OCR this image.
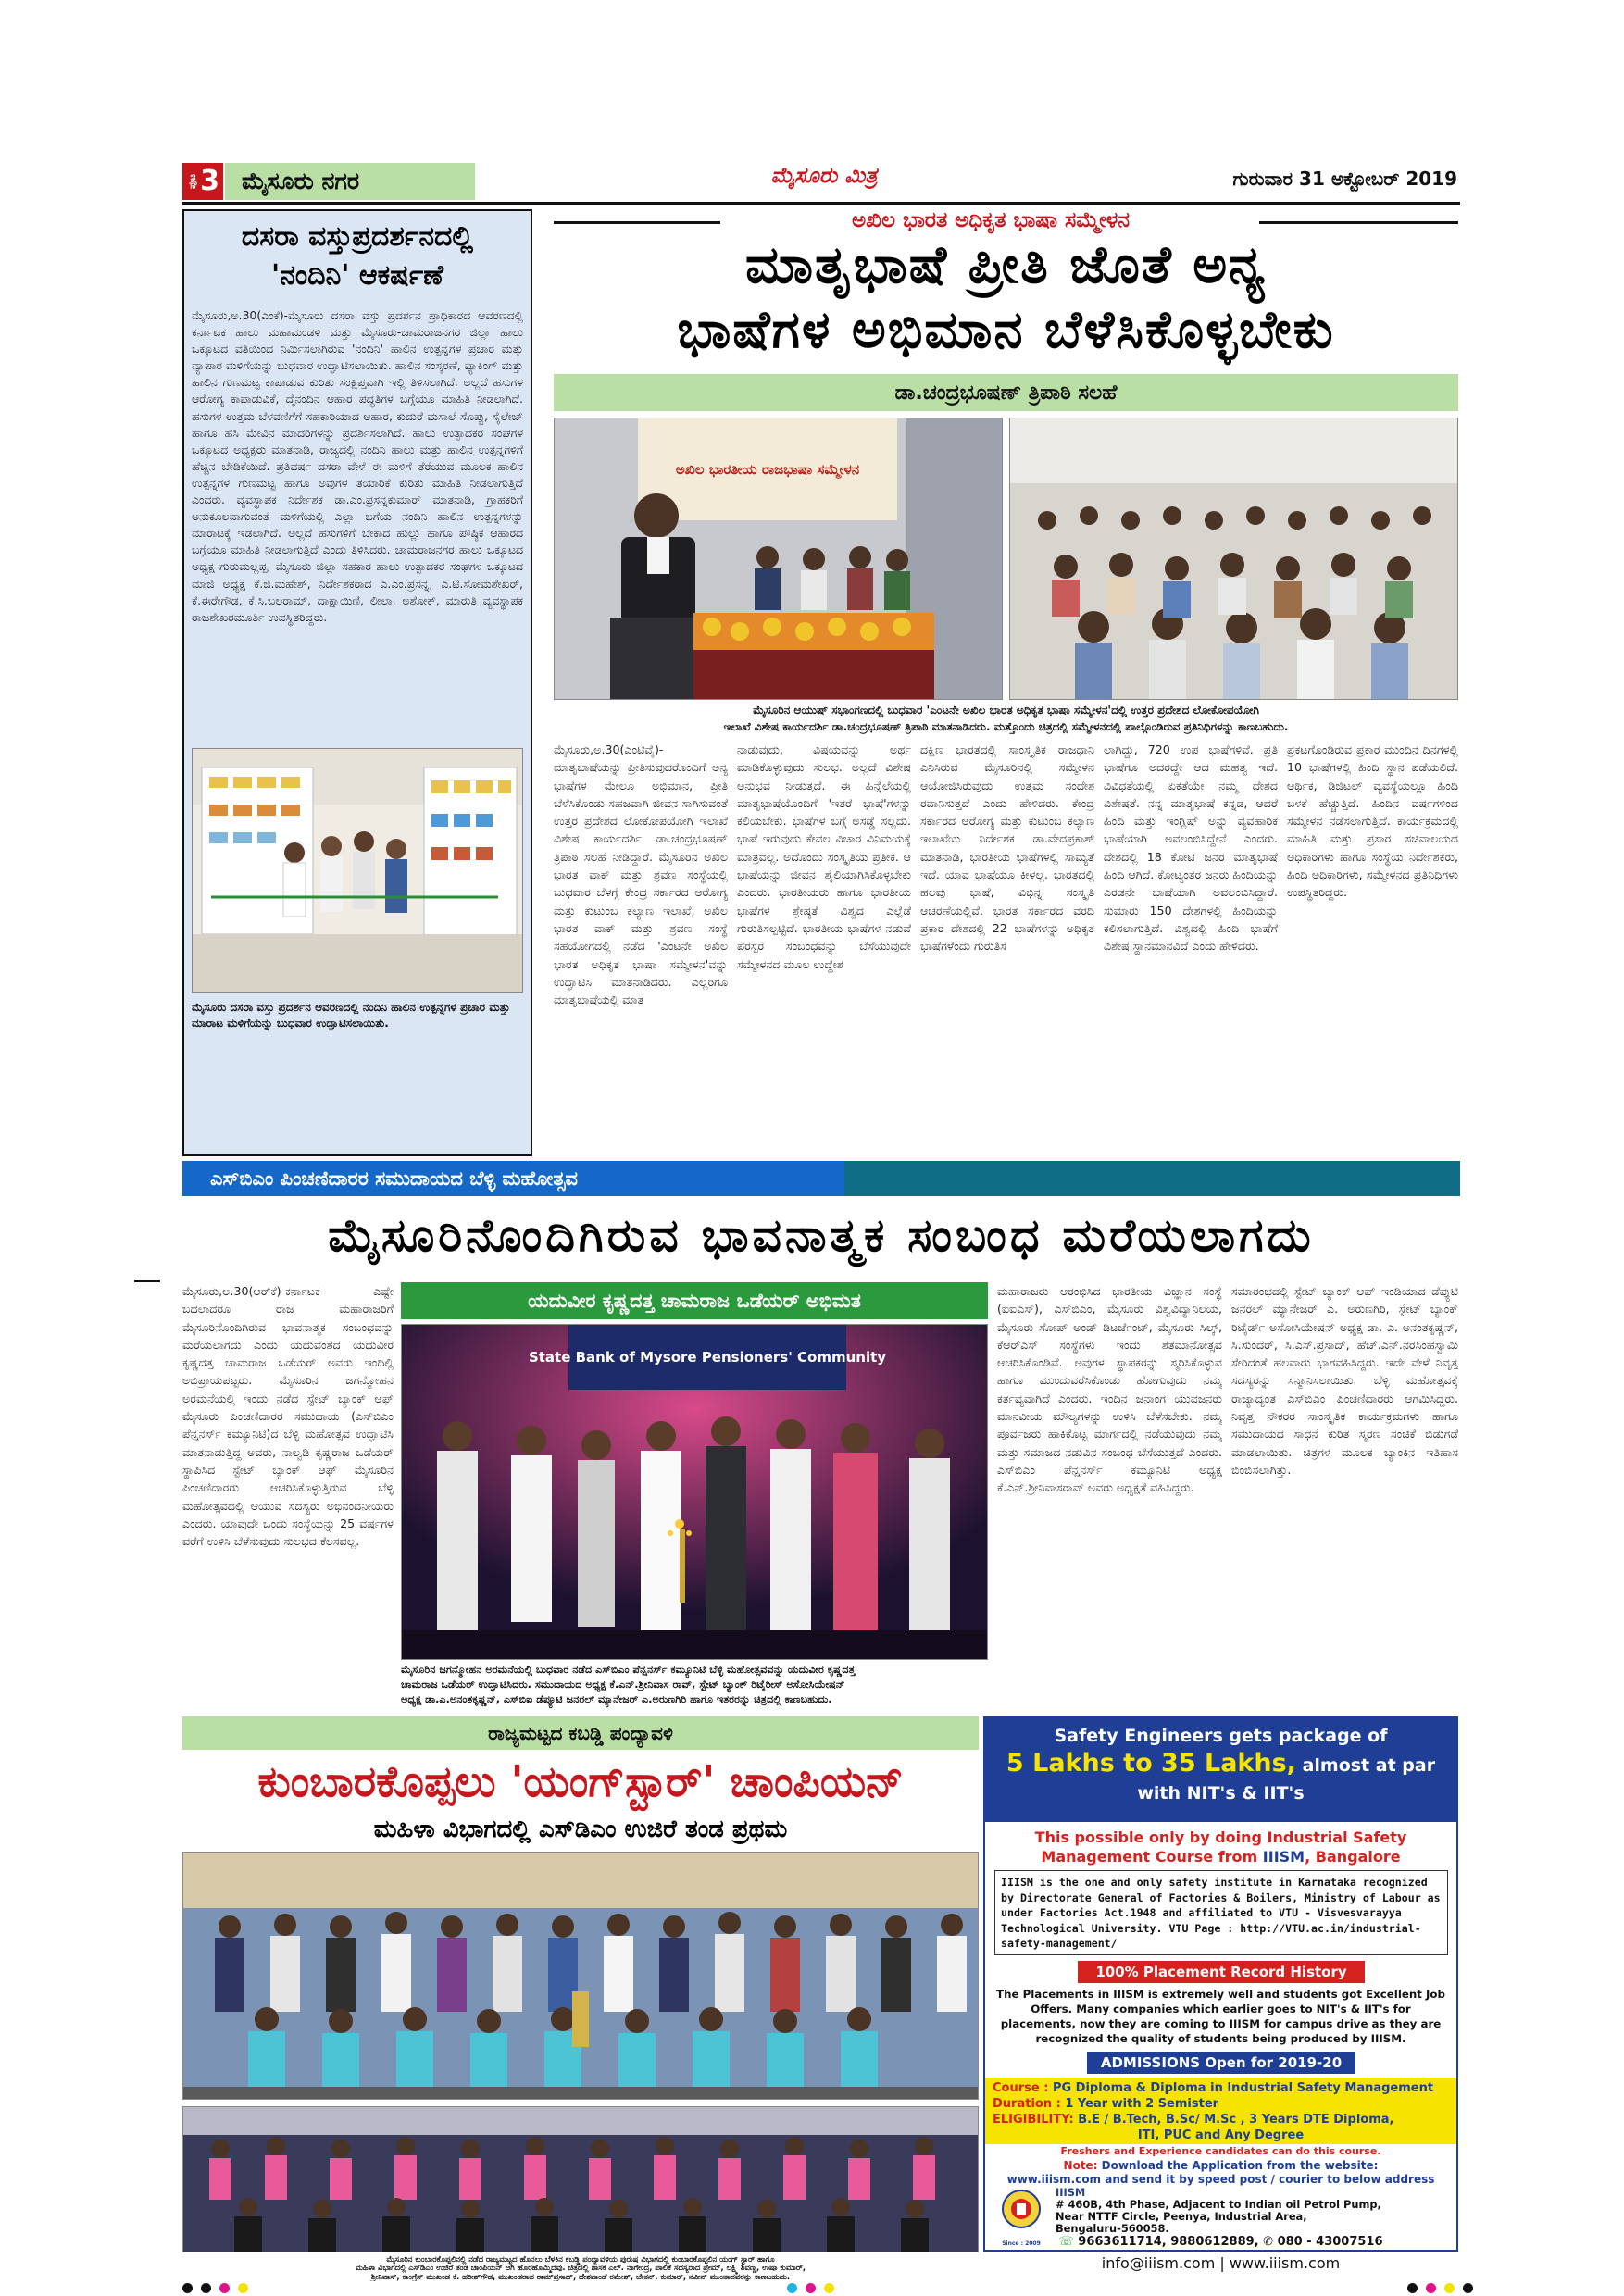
ಪುಟ 3 ಮೈಸೂರು ನಗರ	ಮೈಸೂರು ಮಿತ್ರ	ಗುರುವಾರ 31 ಅಕ್ಟೋಬರ್ 2019
ದಸರಾ ವಸ್ತುಪ್ರದರ್ಶನದಲ್ಲಿ
'ನಂದಿನಿ' ಆಕರ್ಷಣೆ
ಮೈಸೂರು,ಅ.30(ಎಂಕೆ)-ಮೈಸೂರು ದಸರಾ ವಸ್ತು ಪ್ರದರ್ಶನ ಪ್ರಾಧಿಕಾರದ ಆವರಣದಲ್ಲಿ ಕರ್ನಾಟಕ ಹಾಲು ಮಹಾಮಂಡಳಿ ಮತ್ತು ಮೈಸೂರು-ಚಾಮರಾಜನಗರ ಜಿಲ್ಲಾ ಹಾಲು ಒಕ್ಕೂಟದ ವತಿಯಿಂದ ನಿರ್ಮಿಸಲಾಗಿರುವ 'ನಂದಿನಿ' ಹಾಲಿನ ಉತ್ಪನ್ನಗಳ ಪ್ರಚಾರ ಮತ್ತು ವ್ಯಾಪಾರ ಮಳಿಗೆಯನ್ನು ಬುಧವಾರ ಉದ್ಘಾಟಿಸಲಾಯಿತು. ಹಾಲಿನ ಸಂಸ್ಕರಣೆ, ಪ್ಯಾಕಿಂಗ್ ಮತ್ತು ಹಾಲಿನ ಗುಣಮಟ್ಟ ಕಾಪಾಡುವ ಕುರಿತು ಸಂಕ್ಷಿಪ್ತವಾಗಿ ಇಲ್ಲಿ ತಿಳಿಸಲಾಗಿದೆ. ಅಲ್ಲದೆ ಹಸುಗಳ ಆರೋಗ್ಯ ಕಾಪಾಡುವಿಕೆ, ದೈನಂದಿನ ಆಹಾರ ಪದ್ಧತಿಗಳ ಬಗ್ಗೆಯೂ ಮಾಹಿತಿ ನೀಡಲಾಗಿದೆ. ಹಸುಗಳ ಉತ್ತಮ ಬೆಳವಣಿಗೆಗೆ ಸಹಕಾರಿಯಾದ ಆಹಾರ, ಕುದುರೆ ಮಸಾಲೆ ಸೊಪ್ಪು, ಸೈಲೇಜ್ ಹಾಗೂ ಹಸಿ ಮೇವಿನ ಮಾದರಿಗಳನ್ನು ಪ್ರದರ್ಶಿಸಲಾಗಿದೆ. ಹಾಲು ಉತ್ಪಾದಕರ ಸಂಘಗಳ ಒಕ್ಕೂಟದ ಅಧ್ಯಕ್ಷರು ಮಾತನಾಡಿ, ರಾಜ್ಯದಲ್ಲಿ ನಂದಿನಿ ಹಾಲು ಮತ್ತು ಹಾಲಿನ ಉತ್ಪನ್ನಗಳಿಗೆ ಹೆಚ್ಚಿನ ಬೇಡಿಕೆಯಿದೆ. ಪ್ರತಿವರ್ಷ ದಸರಾ ವೇಳೆ ಈ ಮಳಿಗೆ ತೆರೆಯುವ ಮೂಲಕ ಹಾಲಿನ ಉತ್ಪನ್ನಗಳ ಗುಣಮಟ್ಟ ಹಾಗೂ ಅವುಗಳ ತಯಾರಿಕೆ ಕುರಿತು ಮಾಹಿತಿ ನೀಡಲಾಗುತ್ತಿದೆ ಎಂದರು. ವ್ಯವಸ್ಥಾಪಕ ನಿರ್ದೇಶಕ ಡಾ.ಎಂ.ಪ್ರಸನ್ನಕುಮಾರ್ ಮಾತನಾಡಿ, ಗ್ರಾಹಕರಿಗೆ ಅನುಕೂಲವಾಗುವಂತೆ ಮಳಿಗೆಯಲ್ಲಿ ಎಲ್ಲಾ ಬಗೆಯ ನಂದಿನಿ ಹಾಲಿನ ಉತ್ಪನ್ನಗಳನ್ನು ಮಾರಾಟಕ್ಕೆ ಇಡಲಾಗಿದೆ. ಅಲ್ಲದೆ ಹಸುಗಳಿಗೆ ಬೇಕಾದ ಹುಲ್ಲು ಹಾಗೂ ಪೌಷ್ಠಿಕ ಆಹಾರದ ಬಗ್ಗೆಯೂ ಮಾಹಿತಿ ನೀಡಲಾಗುತ್ತಿದೆ ಎಂದು ತಿಳಿಸಿದರು. ಚಾಮರಾಜನಗರ ಹಾಲು ಒಕ್ಕೂಟದ ಅಧ್ಯಕ್ಷ ಗುರುಮಲ್ಲಪ್ಪ, ಮೈಸೂರು ಜಿಲ್ಲಾ ಸಹಕಾರ ಹಾಲು ಉತ್ಪಾದಕರ ಸಂಘಗಳ ಒಕ್ಕೂಟದ ಮಾಜಿ ಅಧ್ಯಕ್ಷ ಕೆ.ಜಿ.ಮಹೇಶ್, ನಿರ್ದೇಶಕರಾದ ಎ.ಎಂ.ಪ್ರಸನ್ನ, ಎ.ಟಿ.ಸೋಮಶೇಖರ್, ಕೆ.ಈರೇಗೌಡ, ಕೆ.ಸಿ.ಬಲರಾಮ್, ದಾಕ್ಷಾಯಿಣಿ, ಲೀಲಾ, ಅಶೋಕ್, ಮಾರುತಿ ವ್ಯವಸ್ಥಾಪಕ ರಾಜಶೇಖರಮೂರ್ತಿ ಉಪಸ್ಥಿತರಿದ್ದರು.
ಮೈಸೂರು ದಸರಾ ವಸ್ತು ಪ್ರದರ್ಶನ ಆವರಣದಲ್ಲಿ ನಂದಿನಿ ಹಾಲಿನ ಉತ್ಪನ್ನಗಳ ಪ್ರಚಾರ ಮತ್ತು ಮಾರಾಟ ಮಳಿಗೆಯನ್ನು ಬುಧವಾರ ಉದ್ಘಾಟಿಸಲಾಯಿತು.
ಅಖಿಲ ಭಾರತ ಅಧಿಕೃತ ಭಾಷಾ ಸಮ್ಮೇಳನ
ಮಾತೃಭಾಷೆ ಪ್ರೀತಿ ಜೊತೆ ಅನ್ಯ
ಭಾಷೆಗಳ ಅಭಿಮಾನ ಬೆಳೆಸಿಕೊಳ್ಳಬೇಕು
ಡಾ.ಚಂದ್ರಭೂಷಣ್ ತ್ರಿಪಾಠಿ ಸಲಹೆ
ಅಖಿಲ ಭಾರತೀಯ ರಾಜಭಾಷಾ ಸಮ್ಮೇಳನ
ಮೈಸೂರಿನ ಆಯುಷ್ ಸಭಾಂಗಣದಲ್ಲಿ ಬುಧವಾರ 'ಎಂಟನೇ ಅಖಿಲ ಭಾರತ ಅಧಿಕೃತ ಭಾಷಾ ಸಮ್ಮೇಳನ'ದಲ್ಲಿ ಉತ್ತರ ಪ್ರದೇಶದ ಲೋಕೋಪಯೋಗಿ
ಇಲಾಖೆ ವಿಶೇಷ ಕಾರ್ಯದರ್ಶಿ ಡಾ.ಚಂದ್ರಭೂಷಣ್ ತ್ರಿಪಾಠಿ ಮಾತನಾಡಿದರು. ಮತ್ತೊಂದು ಚಿತ್ರದಲ್ಲಿ ಸಮ್ಮೇಳನದಲ್ಲಿ ಪಾಲ್ಗೊಂಡಿರುವ ಪ್ರತಿನಿಧಿಗಳನ್ನು ಕಾಣಬಹುದು.
ಮೈಸೂರು,ಅ.30(ಎಂಟಿವೈ)- ಮಾತೃಭಾಷೆಯನ್ನು ಪ್ರೀತಿಸುವುದರೊಂದಿಗೆ ಅನ್ಯ ಭಾಷೆಗಳ ಮೇಲೂ ಅಭಿಮಾನ, ಪ್ರೀತಿ ಬೆಳೆಸಿಕೊಂಡು ಸಹಜವಾಗಿ ಜೀವನ ಸಾಗಿಸುವಂತೆ ಉತ್ತರ ಪ್ರದೇಶದ ಲೋಕೋಪಯೋಗಿ ಇಲಾಖೆ ವಿಶೇಷ ಕಾರ್ಯದರ್ಶಿ ಡಾ.ಚಂದ್ರಭೂಷಣ್ ತ್ರಿಪಾಠಿ ಸಲಹೆ ನೀಡಿದ್ದಾರೆ. ಮೈಸೂರಿನ ಅಖಿಲ ಭಾರತ ವಾಕ್ ಮತ್ತು ಶ್ರವಣ ಸಂಸ್ಥೆಯಲ್ಲಿ ಬುಧವಾರ ಬೆಳಗ್ಗೆ ಕೇಂದ್ರ ಸರ್ಕಾರದ ಆರೋಗ್ಯ ಮತ್ತು ಕುಟುಂಬ ಕಲ್ಯಾಣ ಇಲಾಖೆ, ಅಖಿಲ ಭಾರತ ವಾಕ್ ಮತ್ತು ಶ್ರವಣ ಸಂಸ್ಥೆ ಸಹಯೋಗದಲ್ಲಿ ನಡೆದ 'ಎಂಟನೇ ಅಖಿಲ ಭಾರತ ಅಧಿಕೃತ ಭಾಷಾ ಸಮ್ಮೇಳನ'ವನ್ನು ಉದ್ಘಾಟಿಸಿ ಮಾತನಾಡಿದರು. ಎಲ್ಲರಿಗೂ ಮಾತೃಭಾಷೆಯಲ್ಲಿ ಮಾತ
ನಾಡುವುದು, ವಿಷಯವನ್ನು ಅರ್ಥ ಮಾಡಿಕೊಳ್ಳುವುದು ಸುಲಭ. ಅಲ್ಲದೆ ವಿಶೇಷ ಅನುಭವ ನೀಡುತ್ತದೆ. ಈ ಹಿನ್ನೆಲೆಯಲ್ಲಿ ಮಾತೃಭಾಷೆಯೊಂದಿಗೆ 'ಇತರೆ ಭಾಷೆ'ಗಳನ್ನು ಕಲಿಯಬೇಕು. ಭಾಷೆಗಳ ಬಗ್ಗೆ ಅಸಡ್ಡೆ ಸಲ್ಲದು. ಭಾಷೆ ಇರುವುದು ಕೇವಲ ವಿಚಾರ ವಿನಿಮಯಕ್ಕೆ ಮಾತ್ರವಲ್ಲ. ಅದೊಂದು ಸಂಸ್ಕೃತಿಯ ಪ್ರತೀಕ. ಆ ಭಾಷೆಯನ್ನು ಜೀವನ ಶೈಲಿಯಾಗಿಸಿಕೊಳ್ಳಬೇಕು ಎಂದರು. ಭಾರತೀಯರು ಹಾಗೂ ಭಾರತೀಯ ಭಾಷೆಗಳ ಶ್ರೇಷ್ಠತೆ ವಿಶ್ವದ ಎಲ್ಲೆಡೆ ಗುರುತಿಸಲ್ಪಟ್ಟಿದೆ. ಭಾರತೀಯ ಭಾಷೆಗಳ ನಡುವೆ ಪರಸ್ಪರ ಸಂಬಂಧವನ್ನು ಬೆಸೆಯುವುದೇ ಸಮ್ಮೇಳನದ ಮೂಲ ಉದ್ದೇಶ
ದಕ್ಷಿಣ ಭಾರತದಲ್ಲಿ ಸಾಂಸ್ಕೃತಿಕ ರಾಜಧಾನಿ ಎನಿಸಿರುವ ಮೈಸೂರಿನಲ್ಲಿ ಸಮ್ಮೇಳನ ಆಯೋಜಿಸಿರುವುದು ಉತ್ತಮ ಸಂದೇಶ ರವಾನಿಸುತ್ತದೆ ಎಂದು ಹೇಳಿದರು. ಕೇಂದ್ರ ಸರ್ಕಾರದ ಆರೋಗ್ಯ ಮತ್ತು ಕುಟುಂಬ ಕಲ್ಯಾಣ ಇಲಾಖೆಯ ನಿರ್ದೇಶಕ ಡಾ.ವೇದಪ್ರಕಾಶ್ ಮಾತನಾಡಿ, ಭಾರತೀಯ ಭಾಷೆಗಳಲ್ಲಿ ಸಾಮ್ಯತೆ ಇದೆ. ಯಾವ ಭಾಷೆಯೂ ಕೀಳಲ್ಲ. ಭಾರತದಲ್ಲಿ ಹಲವು ಭಾಷೆ, ವಿಭಿನ್ನ ಸಂಸ್ಕೃತಿ ಆಚರಣೆಯಲ್ಲಿವೆ. ಭಾರತ ಸರ್ಕಾರದ ವರದಿ ಪ್ರಕಾರ ದೇಶದಲ್ಲಿ 22 ಭಾಷೆಗಳನ್ನು ಅಧಿಕೃತ ಭಾಷೆಗಳೆಂದು ಗುರುತಿಸ
ಲಾಗಿದ್ದು, 720 ಉಪ ಭಾಷೆಗಳಿವೆ. ಪ್ರತಿ ಭಾಷೆಗೂ ಅದರದ್ದೇ ಆದ ಮಹತ್ವ ಇದೆ. ವಿವಿಧತೆಯಲ್ಲಿ ಏಕತೆಯೇ ನಮ್ಮ ದೇಶದ ವಿಶೇಷತೆ. ನನ್ನ ಮಾತೃಭಾಷೆ ಕನ್ನಡ, ಆದರೆ ಹಿಂದಿ ಮತ್ತು ಇಂಗ್ಲಿಷ್ ಅನ್ನು ವ್ಯವಹಾರಿಕ ಭಾಷೆಯಾಗಿ ಅವಲಂಬಿಸಿದ್ದೇನೆ ಎಂದರು. ದೇಶದಲ್ಲಿ 18 ಕೋಟಿ ಜನರ ಮಾತೃಭಾಷೆ ಹಿಂದಿ ಆಗಿದೆ. ಕೋಟ್ಯಂತರ ಜನರು ಹಿಂದಿಯನ್ನು ಎರಡನೇ ಭಾಷೆಯಾಗಿ ಅವಲಂಬಿಸಿದ್ದಾರೆ. ಸುಮಾರು 150 ದೇಶಗಳಲ್ಲಿ ಹಿಂದಿಯನ್ನು ಕಲಿಸಲಾಗುತ್ತಿದೆ. ವಿಶ್ವದಲ್ಲಿ ಹಿಂದಿ ಭಾಷೆಗೆ ವಿಶೇಷ ಸ್ಥಾನಮಾನವಿದೆ ಎಂದು ಹೇಳಿದರು.
ಪ್ರಕಟಗೊಂಡಿರುವ ಪ್ರಕಾರ ಮುಂದಿನ ದಿನಗಳಲ್ಲಿ 10 ಭಾಷೆಗಳಲ್ಲಿ ಹಿಂದಿ ಸ್ಥಾನ ಪಡೆಯಲಿದೆ. ಆರ್ಥಿಕ, ಡಿಜಿಟಲ್ ವ್ಯವಸ್ಥೆಯಲ್ಲೂ ಹಿಂದಿ ಬಳಕೆ ಹೆಚ್ಚುತ್ತಿದೆ. ಹಿಂದಿನ ವರ್ಷಗಳಿಂದ ಸಮ್ಮೇಳನ ನಡೆಸಲಾಗುತ್ತಿದೆ. ಕಾರ್ಯಕ್ರಮದಲ್ಲಿ ಮಾಹಿತಿ ಮತ್ತು ಪ್ರಸಾರ ಸಚಿವಾಲಯದ ಅಧಿಕಾರಿಗಳು ಹಾಗೂ ಸಂಸ್ಥೆಯ ನಿರ್ದೇಶಕರು, ಹಿಂದಿ ಅಧಿಕಾರಿಗಳು, ಸಮ್ಮೇಳನದ ಪ್ರತಿನಿಧಿಗಳು ಉಪಸ್ಥಿತರಿದ್ದರು.
ಎಸ್‌ಬಿಎಂ ಪಿಂಚಣಿದಾರರ ಸಮುದಾಯದ ಬೆಳ್ಳಿ ಮಹೋತ್ಸವ
ಮೈಸೂರಿನೊಂದಿಗಿರುವ ಭಾವನಾತ್ಮಕ ಸಂಬಂಧ ಮರೆಯಲಾಗದು
ಮೈಸೂರು,ಅ.30(ಆರ್‌ಕೆ)-ಕರ್ನಾಟಕ ಎಷ್ಟೇ ಬದಲಾದರೂ ರಾಜ ಮಹಾರಾಜರಿಗೆ ಮೈಸೂರಿನೊಂದಿಗಿರುವ ಭಾವನಾತ್ಮಕ ಸಂಬಂಧವನ್ನು ಮರೆಯಲಾಗದು ಎಂದು ಯದುವಂಶದ ಯದುವೀರ ಕೃಷ್ಣದತ್ತ ಚಾಮರಾಜ ಒಡೆಯರ್ ಅವರು ಇಂದಿಲ್ಲಿ ಅಭಿಪ್ರಾಯಪಟ್ಟರು. ಮೈಸೂರಿನ ಜಗನ್ಮೋಹನ ಅರಮನೆಯಲ್ಲಿ ಇಂದು ನಡೆದ ಸ್ಟೇಟ್ ಬ್ಯಾಂಕ್ ಆಫ್ ಮೈಸೂರು ಪಿಂಚಣಿದಾರರ ಸಮುದಾಯ (ಎಸ್‌ಬಿಎಂ ಪೆನ್ಷನರ್ಸ್ ಕಮ್ಯೂನಿಟಿ)ದ ಬೆಳ್ಳಿ ಮಹೋತ್ಸವ ಉದ್ಘಾಟಿಸಿ ಮಾತನಾಡುತ್ತಿದ್ದ ಅವರು, ನಾಲ್ವಡಿ ಕೃಷ್ಣರಾಜ ಒಡೆಯರ್ ಸ್ಥಾಪಿಸಿದ ಸ್ಟೇಟ್ ಬ್ಯಾಂಕ್ ಆಫ್ ಮೈಸೂರಿನ ಪಿಂಚಣಿದಾರರು ಆಚರಿಸಿಕೊಳ್ಳುತ್ತಿರುವ ಬೆಳ್ಳಿ ಮಹೋತ್ಸವದಲ್ಲಿ ಆಯುವ ಸದಸ್ಯರು ಅಭಿನಂದನೀಯರು ಎಂದರು. ಯಾವುದೇ ಒಂದು ಸಂಸ್ಥೆಯನ್ನು 25 ವರ್ಷಗಳ ವರೆಗೆ ಉಳಿಸಿ ಬೆಳೆಸುವುದು ಸುಲಭದ ಕೆಲಸವಲ್ಲ.
ಯದುವೀರ ಕೃಷ್ಣದತ್ತ ಚಾಮರಾಜ ಒಡೆಯರ್ ಅಭಿಮತ
State Bank of Mysore Pensioners' Community
ಮೈಸೂರಿನ ಜಗನ್ಮೋಹನ ಅರಮನೆಯಲ್ಲಿ ಬುಧವಾರ ನಡೆದ ಎಸ್‌ಬಿಎಂ ಪೆನ್ಷನರ್ಸ್ ಕಮ್ಯೂನಿಟಿ ಬೆಳ್ಳಿ ಮಹೋತ್ಸವವನ್ನು ಯದುವೀರ ಕೃಷ್ಣದತ್ತ
ಚಾಮರಾಜ ಒಡೆಯರ್ ಉದ್ಘಾಟಿಸಿದರು. ಸಮುದಾಯದ ಅಧ್ಯಕ್ಷ ಕೆ.ಎನ್.ಶ್ರೀನಿವಾಸ ರಾವ್, ಸ್ಟೇಟ್ ಬ್ಯಾಂಕ್ ರಿಟೈರೀಸ್ ಅಸೋಸಿಯೇಷನ್
ಅಧ್ಯಕ್ಷ ಡಾ.ಎ.ಅನಂತಕೃಷ್ಣನ್, ಎಸ್‌ಬಿಐ ಡೆಪ್ಯೂಟಿ ಜನರಲ್ ಮ್ಯಾನೇಜರ್ ಎ.ಅರುಣಗಿರಿ ಹಾಗೂ ಇತರರನ್ನು ಚಿತ್ರದಲ್ಲಿ ಕಾಣಬಹುದು.
ಮಹಾರಾಜರು ಆರಂಭಿಸಿದ ಭಾರತೀಯ ವಿಜ್ಞಾನ ಸಂಸ್ಥೆ (ಐಐಎಸ್), ಎಸ್‌ಬಿಎಂ, ಮೈಸೂರು ವಿಶ್ವವಿದ್ಯಾನಿಲಯ, ಮೈಸೂರು ಸೋಪ್ ಅಂಡ್ ಡಿಟರ್ಜೆಂಟ್, ಮೈಸೂರು ಸಿಲ್ಕ್, ಕೆಆರ್‌ಎಸ್ ಸಂಸ್ಥೆಗಳು ಇಂದು ಶತಮಾನೋತ್ಸವ ಆಚರಿಸಿಕೊಂಡಿವೆ. ಅವುಗಳ ಸ್ಥಾಪಕರನ್ನು ಸ್ಮರಿಸಿಕೊಳ್ಳುವ ಹಾಗೂ ಮುಂದುವರೆಸಿಕೊಂಡು ಹೋಗುವುದು ನಮ್ಮ ಕರ್ತವ್ಯವಾಗಿದೆ ಎಂದರು. ಇಂದಿನ ಜನಾಂಗ ಯುವಜನರು ಮಾನವೀಯ ಮೌಲ್ಯಗಳನ್ನು ಉಳಿಸಿ ಬೆಳೆಸಬೇಕು. ನಮ್ಮ ಪೂರ್ವಜರು ಹಾಕಿಕೊಟ್ಟ ಮಾರ್ಗದಲ್ಲಿ ನಡೆಯುವುದು ನಮ್ಮ ಮತ್ತು ಸಮಾಜದ ನಡುವಿನ ಸಂಬಂಧ ಬೆಸೆಯುತ್ತದೆ ಎಂದರು. ಎಸ್‌ಬಿಎಂ ಪೆನ್ಷನರ್ಸ್ ಕಮ್ಯೂನಿಟಿ ಅಧ್ಯಕ್ಷ ಕೆ.ಎನ್.ಶ್ರೀನಿವಾಸರಾವ್ ಅವರು ಅಧ್ಯಕ್ಷತೆ ವಹಿಸಿದ್ದರು.
ಸಮಾರಂಭದಲ್ಲಿ ಸ್ಟೇಟ್ ಬ್ಯಾಂಕ್ ಆಫ್ ಇಂಡಿಯಾದ ಡೆಪ್ಯುಟಿ ಜನರಲ್ ಮ್ಯಾನೇಜರ್ ಎ. ಅರುಣಗಿರಿ, ಸ್ಟೇಟ್ ಬ್ಯಾಂಕ್ ರಿಟೈರ್ಡ್ ಅಸೋಸಿಯೇಷನ್ ಅಧ್ಯಕ್ಷ ಡಾ. ಎ. ಅನಂತಕೃಷ್ಣನ್, ಸಿ.ಸುಂದರ್, ಸಿ.ಎಸ್.ಪ್ರಸಾದ್, ಹೆಚ್.ಎನ್.ನರಸಿಂಹಸ್ವಾಮಿ ಸೇರಿದಂತೆ ಹಲವಾರು ಭಾಗವಹಿಸಿದ್ದರು. ಇದೇ ವೇಳೆ ನಿವೃತ್ತ ಸದಸ್ಯರನ್ನು ಸನ್ಮಾನಿಸಲಾಯಿತು. ಬೆಳ್ಳಿ ಮಹೋತ್ಸವಕ್ಕೆ ರಾಜ್ಯಾದ್ಯಂತ ಎಸ್‌ಬಿಎಂ ಪಿಂಚಣಿದಾರರು ಆಗಮಿಸಿದ್ದರು. ನಿವೃತ್ತ ನೌಕರರ ಸಾಂಸ್ಕೃತಿಕ ಕಾರ್ಯಕ್ರಮಗಳು ಹಾಗೂ ಸಮುದಾಯದ ಸಾಧನೆ ಕುರಿತ ಸ್ಮರಣ ಸಂಚಿಕೆ ಬಿಡುಗಡೆ ಮಾಡಲಾಯಿತು. ಚಿತ್ರಗಳ ಮೂಲಕ ಬ್ಯಾಂಕಿನ ಇತಿಹಾಸ ಬಿಂಬಿಸಲಾಗಿತ್ತು.
ರಾಜ್ಯಮಟ್ಟದ ಕಬಡ್ಡಿ ಪಂದ್ಯಾವಳಿ
ಕುಂಬಾರಕೊಪ್ಪಲು 'ಯಂಗ್‌ಸ್ಟಾರ್' ಚಾಂಪಿಯನ್
ಮಹಿಳಾ ವಿಭಾಗದಲ್ಲಿ ಎಸ್‌ಡಿಎಂ ಉಜಿರೆ ತಂಡ ಪ್ರಥಮ
Safety Engineers gets package of
5 Lakhs to 35 Lakhs, almost at par
with NIT's & IIT's
This possible only by doing Industrial Safety
Management Course from IIISM, Bangalore
IIISM is the one and only safety institute in Karnataka recognized by Directorate General of Factories & Boilers, Ministry of Labour as under Factories Act.1948 and affiliated to VTU - Visvesvarayya Technological University. VTU Page : http://VTU.ac.in/industrial-safety-management/
100% Placement Record History
The Placements in IIISM is extremely well and students got Excellent Job Offers. Many companies which earlier goes to NIT's & IIT's for placements, now they are coming to IIISM for campus drive as they are recognized the quality of students being produced by IIISM.
ADMISSIONS Open for 2019-20
Course : PG Diploma & Diploma in Industrial Safety Management
Duration : 1 Year with 2 Semister
ELIGIBILITY: B.E / B.Tech, B.Sc/ M.Sc , 3 Years DTE Diploma,
ITI, PUC and Any Degree
Freshers and Experience candidates can do this course.
Note: Download the Application from the website:
www.iiism.com and send it by speed post / courier to below address
Since : 2009
IIISM
# 460B, 4th Phase, Adjacent to Indian oil Petrol Pump,
Near NTTF Circle, Peenya, Industrial Area,
Bengaluru-560058.
☏ 9663611714, 9880612889, ✆ 080 - 43007516
info@iiism.com | www.iiism.com
ಮೈಸೂರಿನ ಕುಂಬಾರಕೊಪ್ಪಲಿನಲ್ಲಿ ನಡೆದ ರಾಜ್ಯಮಟ್ಟದ ಹೊನಲು ಬೆಳಕಿನ ಕಬಡ್ಡಿ ಪಂದ್ಯಾವಳಿಯ ಪುರುಷ ವಿಭಾಗದಲ್ಲಿ ಕುಂಬಾರಕೊಪ್ಪಲಿನ ಯಂಗ್ ಸ್ಟಾರ್ ಹಾಗೂ
ಮಹಿಳಾ ವಿಭಾಗದಲ್ಲಿ ಎಸ್‌ಡಿಎಂ ಉಜಿರೆ ತಂಡ ಚಾಂಪಿಯನ್ ಆಗಿ ಹೊರಹೊಮ್ಮಿದವು. ಚಿತ್ರದಲ್ಲಿ ಶಾಸಕ ಎಲ್. ನಾಗೇಂದ್ರ, ಪಾಲಿಕೆ ಸದಸ್ಯರಾದ ಪ್ರೇಮ್, ಲಕ್ಷ್ಮಿ ಶಿವಣ್ಣ, ಉಷಾ ಕುಮಾರ್,
ಶ್ರೀನಿವಾಸ್, ಕಾಂಗ್ರೆಸ್ ಮುಖಂಡ ಕೆ. ಹರೀಶ್‌ಗೌಡ, ಮುಖಂಡರಾದ ರಾಮ್‌ಪ್ರಸಾದ್, ದೇಶಪಾಂಡೆ ರಮೇಶ್, ಚೇತನ್, ಕುಮಾರ್, ನವೀನ್ ಮುಂತಾದವರನ್ನು ಕಾಣಬಹುದು.
